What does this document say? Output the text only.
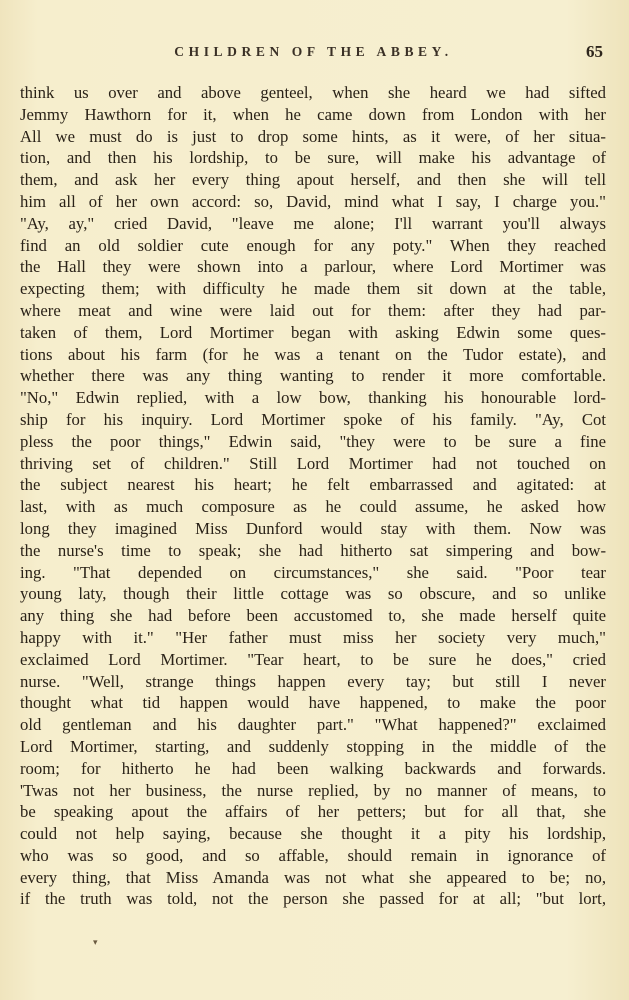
CHILDREN OF THE ABBEY.	65
think us over and above genteel, when she heard we had sifted
Jemmy Hawthorn for it, when he came down from London with her
All we must do is just to drop some hints, as it were, of her situa-
tion, and then his lordship, to be sure, will make his advantage of
them, and ask her every thing apout herself, and then she will tell
him all of her own accord: so, David, mind what I say, I charge you."
"Ay, ay," cried David, "leave me alone; I'll warrant you'll always
find an old soldier cute enough for any poty." When they reached
the Hall they were shown into a parlour, where Lord Mortimer was
expecting them; with difficulty he made them sit down at the table,
where meat and wine were laid out for them: after they had par-
taken of them, Lord Mortimer began with asking Edwin some ques-
tions about his farm (for he was a tenant on the Tudor estate), and
whether there was any thing wanting to render it more comfortable.
"No," Edwin replied, with a low bow, thanking his honourable lord-
ship for his inquiry. Lord Mortimer spoke of his family. "Ay, Cot
pless the poor things," Edwin said, "they were to be sure a fine
thriving set of children." Still Lord Mortimer had not touched on
the subject nearest his heart; he felt embarrassed and agitated: at
last, with as much composure as he could assume, he asked how
long they imagined Miss Dunford would stay with them. Now was
the nurse's time to speak; she had hitherto sat simpering and bow-
ing. "That depended on circumstances," she said. "Poor tear
young laty, though their little cottage was so obscure, and so unlike
any thing she had before been accustomed to, she made herself quite
happy with it." "Her father must miss her society very much,"
exclaimed Lord Mortimer. "Tear heart, to be sure he does," cried
nurse. "Well, strange things happen every tay; but still I never
thought what tid happen would have happened, to make the poor
old gentleman and his daughter part." "What happened?" exclaimed
Lord Mortimer, starting, and suddenly stopping in the middle of the
room; for hitherto he had been walking backwards and forwards.
'Twas not her business, the nurse replied, by no manner of means, to
be speaking apout the affairs of her petters; but for all that, she
could not help saying, because she thought it a pity his lordship,
who was so good, and so affable, should remain in ignorance of
every thing, that Miss Amanda was not what she appeared to be; no,
if the truth was told, not the person she passed for at all; "but lort,
▾
